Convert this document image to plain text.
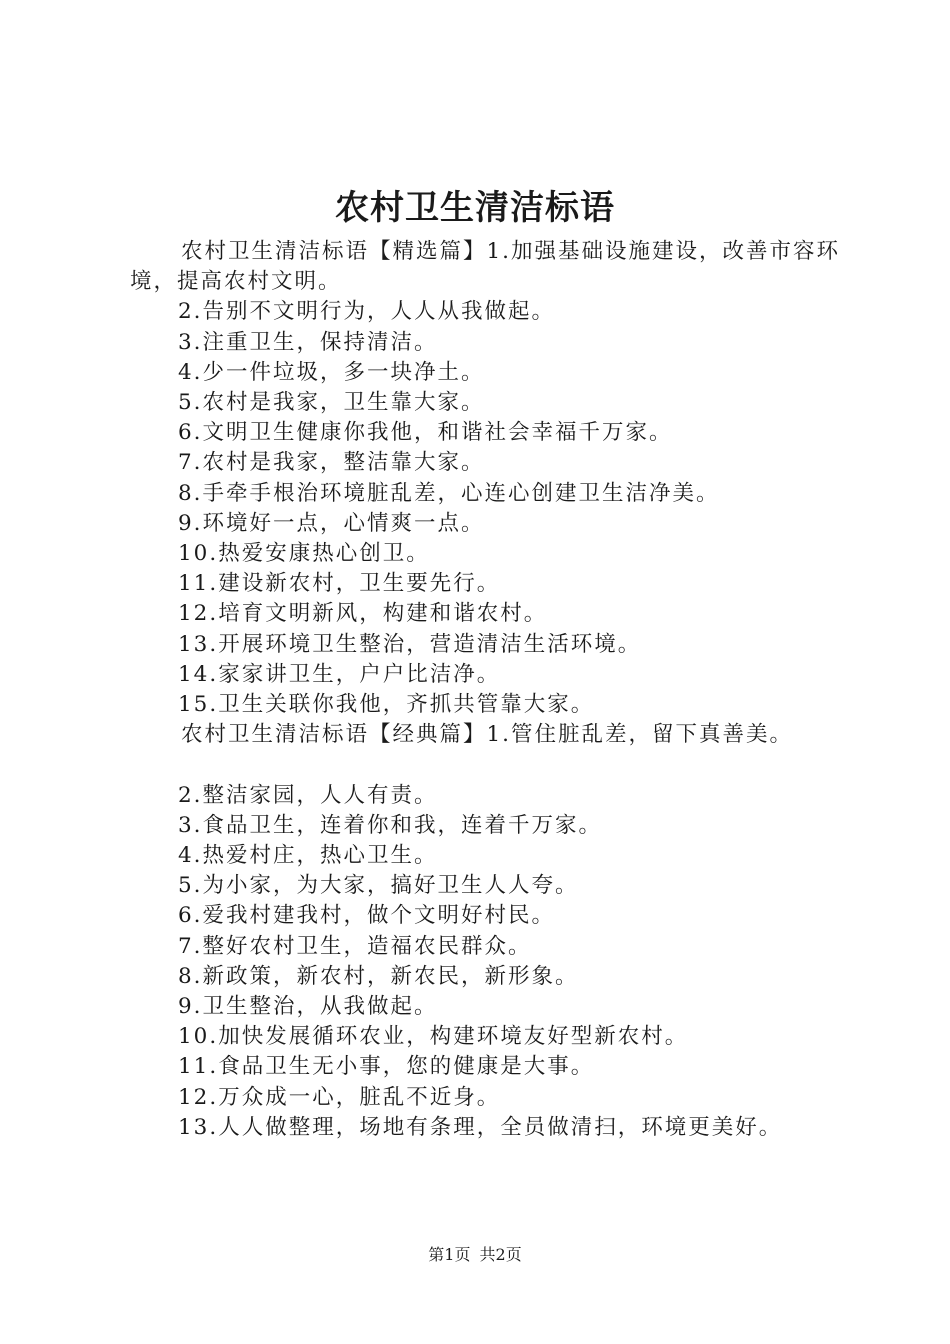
农村卫生清洁标语

农村卫生清洁标语【精选篇】1.加强基础设施建设，改善市容环境，提高农村文明。

2.告别不文明行为，人人从我做起。

3.注重卫生，保持清洁。

4.少一件垃圾，多一块净土。

5.农村是我家，卫生靠大家。

6.文明卫生健康你我他，和谐社会幸福千万家。

7.农村是我家，整洁靠大家。

8.手牵手根治环境脏乱差，心连心创建卫生洁净美。

9.环境好一点，心情爽一点。

10.热爱安康热心创卫。

11.建设新农村，卫生要先行。

12.培育文明新风，构建和谐农村。

13.开展环境卫生整治，营造清洁生活环境。

14.家家讲卫生，户户比洁净。

15.卫生关联你我他，齐抓共管靠大家。

农村卫生清洁标语【经典篇】1.管住脏乱差，留下真善美。

2.整洁家园，人人有责。

3.食品卫生，连着你和我，连着千万家。

4.热爱村庄，热心卫生。

5.为小家，为大家，搞好卫生人人夸。

6.爱我村建我村，做个文明好村民。

7.整好农村卫生，造福农民群众。

8.新政策，新农村，新农民，新形象。

9.卫生整治，从我做起。

10.加快发展循环农业，构建环境友好型新农村。

11.食品卫生无小事，您的健康是大事。

12.万众成一心，脏乱不近身。

13.人人做整理，场地有条理，全员做清扫，环境更美好。

第1页 共2页
